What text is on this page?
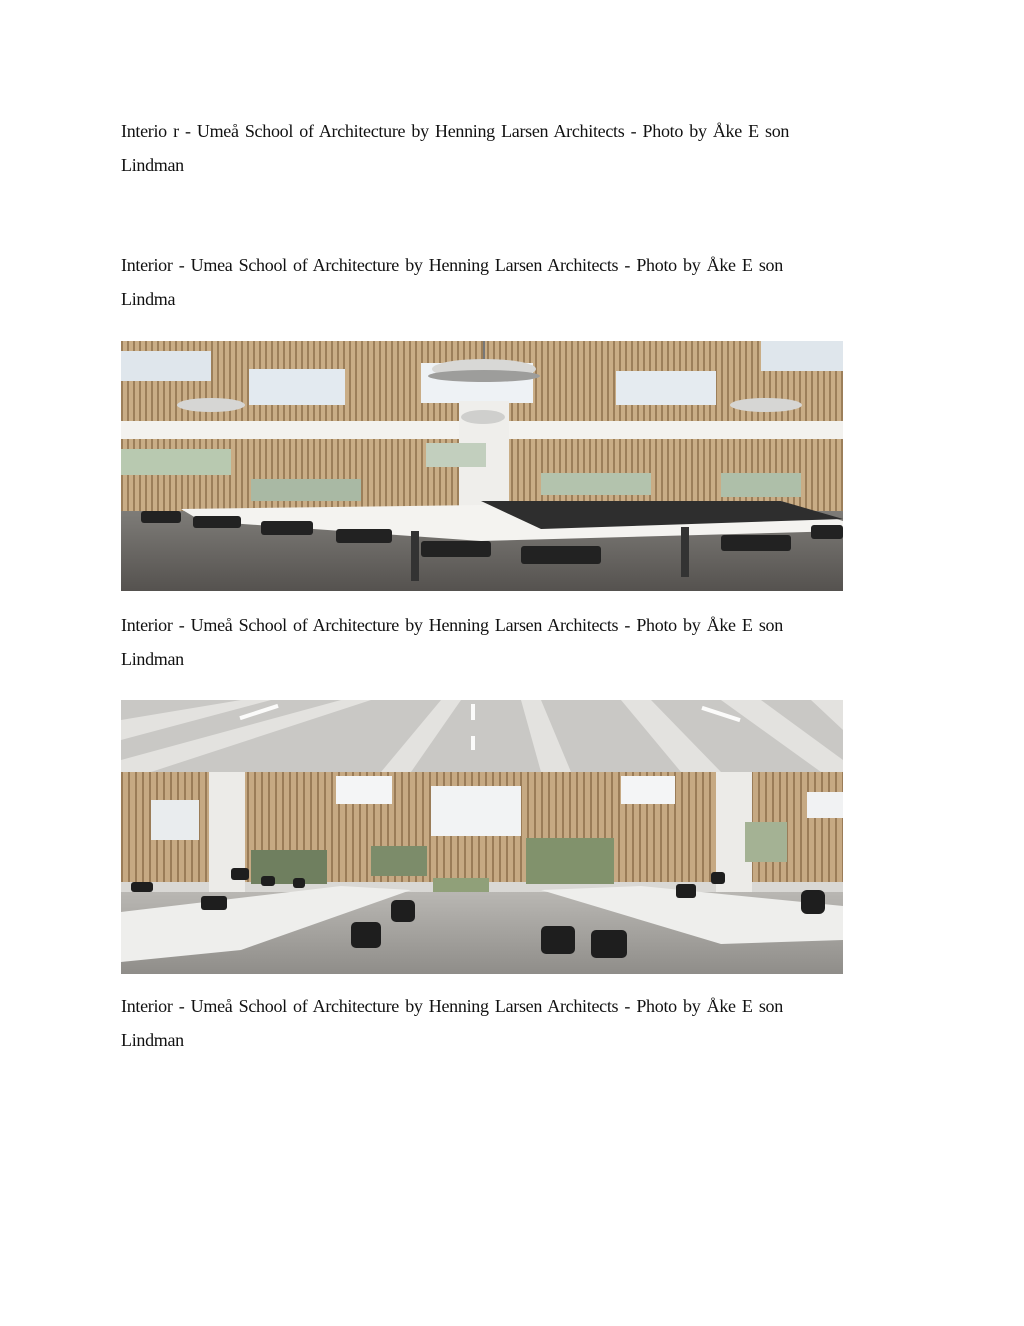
Interio r - Umeå School of Architecture by Henning Larsen Architects - Photo by Åke E son
Lindman
Interior - Umea School of Architecture by Henning Larsen Architects - Photo by Åke E son
Lindma
Interior - Umeå School of Architecture by Henning Larsen Architects - Photo by Åke E son
Lindman
Interior - Umeå School of Architecture by Henning Larsen Architects - Photo by Åke E son
Lindman
